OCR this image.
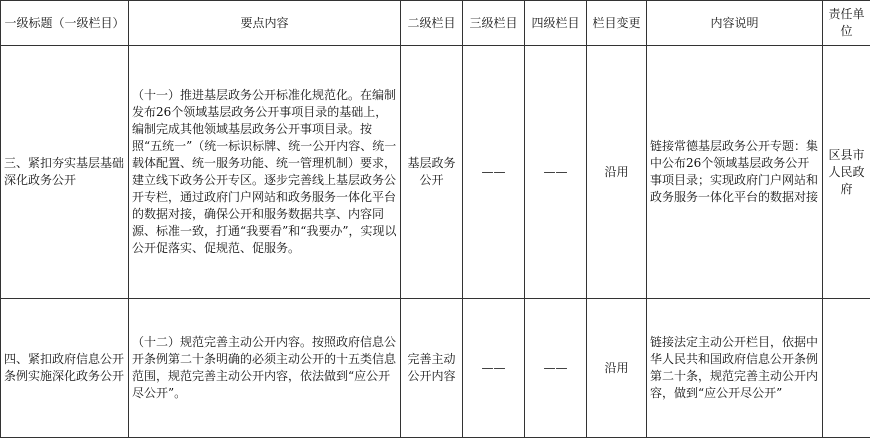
一级标题（一级栏目）	要点内容	二级栏目	三级栏目	四级栏目	栏目变更	内容说明	责任单位
三、紧扣夯实基层基础深化政务公开	（十一）推进基层政务公开标准化规范化。在编制发布26个领域基层政务公开事项目录的基础上，编制完成其他领域基层政务公开事项目录。按照“五统一”（统一标识标牌、统一公开内容、统一载体配置、统一服务功能、统一管理机制）要求，建立线下政务公开专区。逐步完善线上基层政务公开专栏，通过政府门户网站和政务服务一体化平台的数据对接，确保公开和服务数据共享、内容同源、标准一致，打通“我要看”和“我要办”，实现以公开促落实、促规范、促服务。	基层政务公开	——	——	沿用	链接常德基层政务公开专题：集中公布26个领域基层政务公开事项目录；实现政府门户网站和政务服务一体化平台的数据对接	区县市人民政府
四、紧扣政府信息公开条例实施深化政务公开	（十二）规范完善主动公开内容。按照政府信息公开条例第二十条明确的必须主动公开的十五类信息范围，规范完善主动公开内容，依法做到“应公开尽公开”。	完善主动公开内容	——	——	沿用	链接法定主动公开栏目，依据中华人民共和国政府信息公开条例第二十条，规范完善主动公开内容，做到“应公开尽公开”	
